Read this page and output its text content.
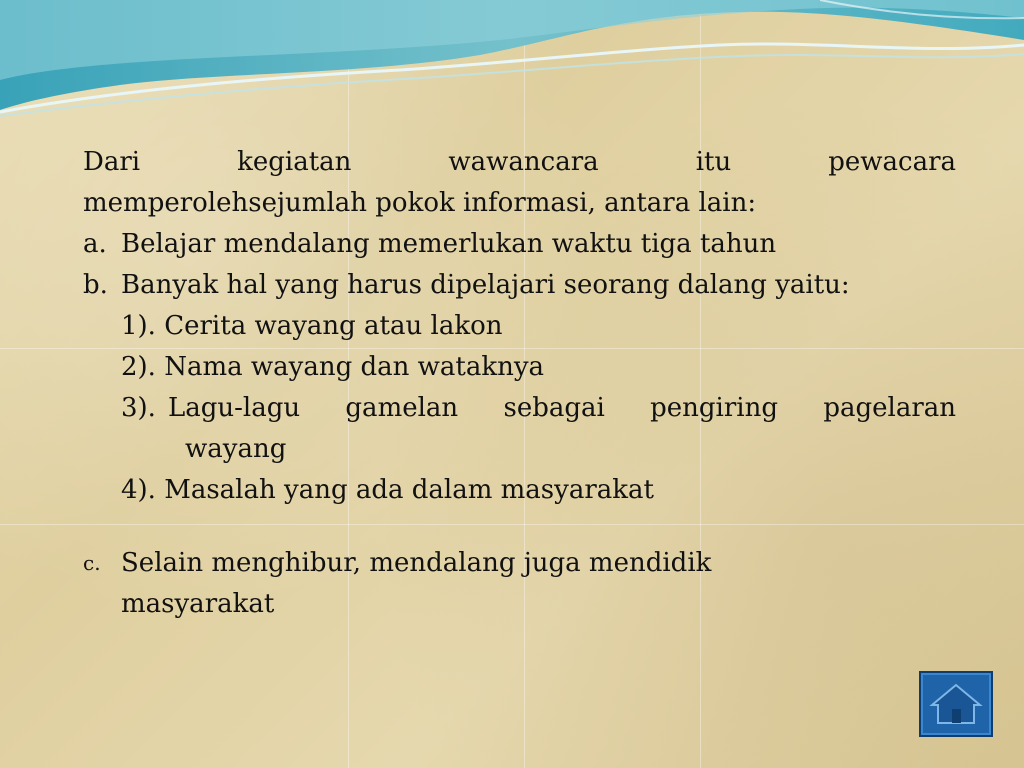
Dari kegiatan wawancara itu pewacara

memperolehsejumlah pokok informasi, antara lain:

a. Belajar mendalang memerlukan waktu tiga tahun
b. Banyak hal yang harus dipelajari seorang dalang yaitu:

1). Cerita wayang atau lakon

2). Nama wayang dan wataknya

3). Lagu-lagu gamelan sebagai pengiring pagelaran

wayang

4). Masalah yang ada dalam masyarakat

c. Selain menghibur, mendalang juga mendidik

masyarakat
